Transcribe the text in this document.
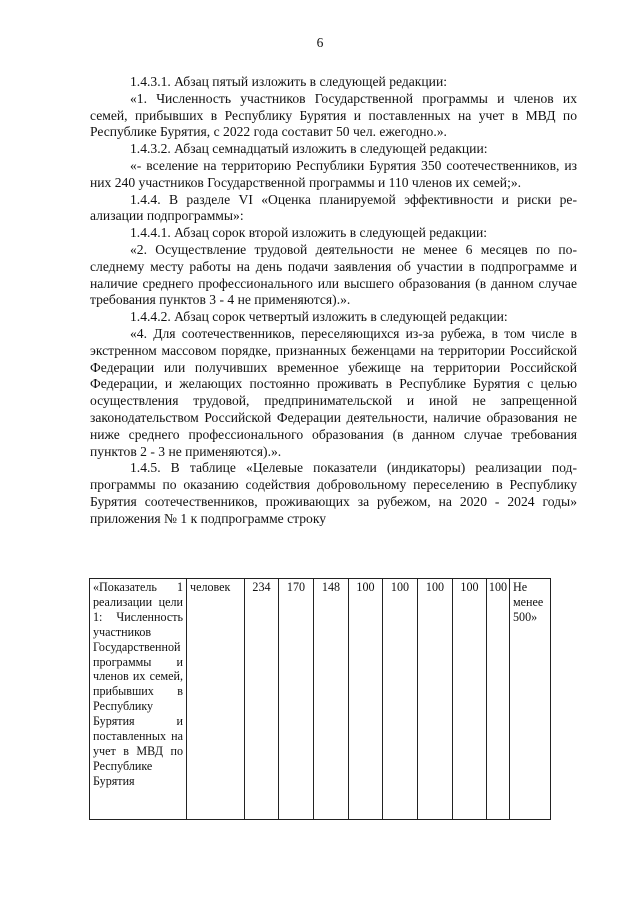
6

1.4.3.1. Абзац пятый изложить в следующей редакции:

«1. Численность участников Государственной программы и членов их семей, прибывших в Республику Бурятия и поставленных на учет в МВД по Республике Бурятия, с 2022 года составит 50 чел. ежегодно.».

1.4.3.2. Абзац семнадцатый изложить в следующей редакции:

«- вселение на территорию Республики Бурятия 350 соотечественников, из них 240 участников Государственной программы и 110 членов их семей;».

1.4.4. В разделе VI «Оценка планируемой эффективности и риски реализации подпрограммы»:

1.4.4.1. Абзац сорок второй изложить в следующей редакции:

«2. Осуществление трудовой деятельности не менее 6 месяцев по последнему месту работы на день подачи заявления об участии в подпрограмме и наличие среднего профессионального или высшего образования (в данном случае требования пунктов 3 - 4 не применяются).».

1.4.4.2. Абзац сорок четвертый изложить в следующей редакции:

«4. Для соотечественников, переселяющихся из-за рубежа, в том числе в экстренном массовом порядке, признанных беженцами на территории Российской Федерации или получивших временное убежище на территории Российской Федерации, и желающих постоянно проживать в Республике Бурятия с целью осуществления трудовой, предпринимательской и иной не запрещенной законодательством Российской Федерации деятельности, наличие образования не ниже среднего профессионального образования (в данном случае требования пунктов 2 - 3 не применяются).».

1.4.5. В таблице «Целевые показатели (индикаторы) реализации подпрограммы по оказанию содействия добровольному переселению в Республику Бурятия соотечественников, проживающих за рубежом, на 2020 - 2024 годы» приложения № 1 к подпрограмме строку

«Показатель 1 реализации цели 1: Численность участников Государственной программы и членов их семей, прибывших в Республику Бурятия и поставленных на учет в МВД по Республике Бурятия	человек	234	170	148	100	100	100	100	100	Не менее 500»
